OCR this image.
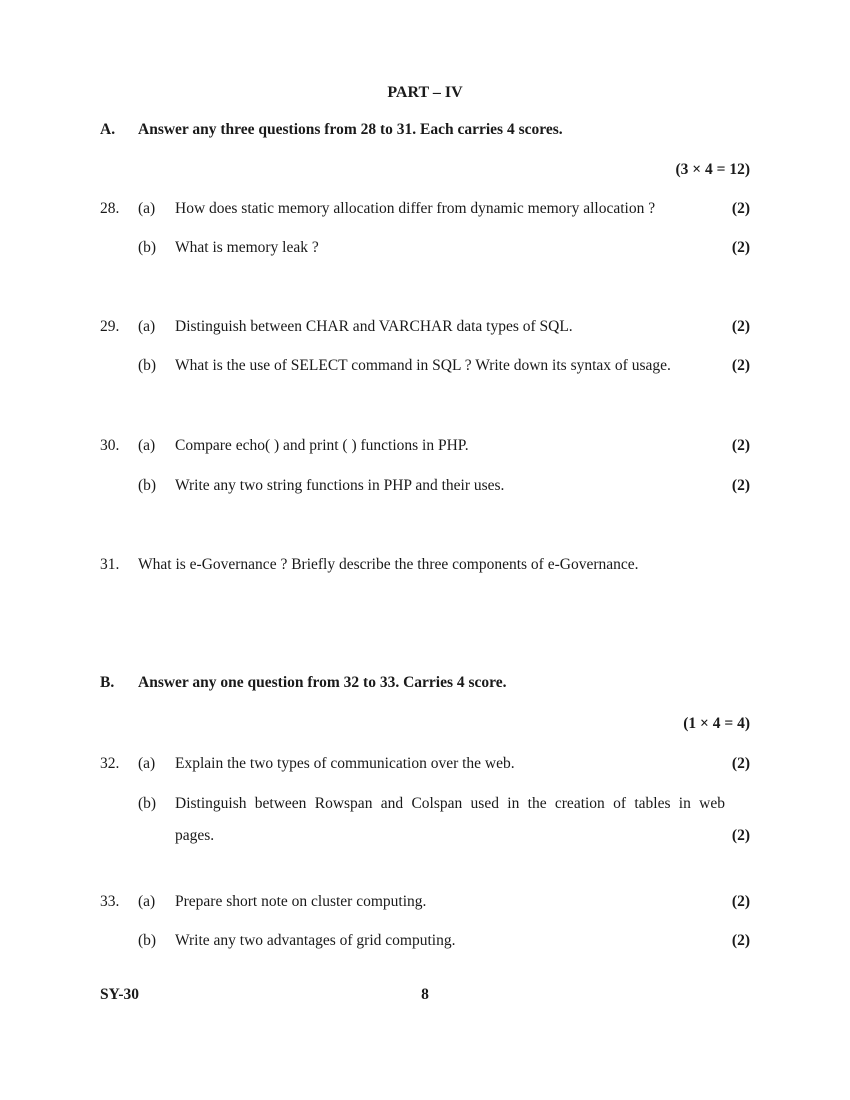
PART – IV
A. Answer any three questions from 28 to 31. Each carries 4 scores.
(3 × 4 = 12)
28. (a) How does static memory allocation differ from dynamic memory allocation ?	(2)
(b) What is memory leak ?	(2)
29. (a) Distinguish between CHAR and VARCHAR data types of SQL.	(2)
(b) What is the use of SELECT command in SQL ? Write down its syntax of usage.	(2)
30. (a) Compare echo( ) and print ( ) functions in PHP.	(2)
(b) Write any two string functions in PHP and their uses.	(2)
31. What is e-Governance ? Briefly describe the three components of e-Governance.
B. Answer any one question from 32 to 33. Carries 4 score.
(1 × 4 = 4)
32. (a) Explain the two types of communication over the web.	(2)
(b) Distinguish between Rowspan and Colspan used in the creation of tables in web
pages.	(2)
33. (a) Prepare short note on cluster computing.	(2)
(b) Write any two advantages of grid computing.	(2)
SY-30	8
